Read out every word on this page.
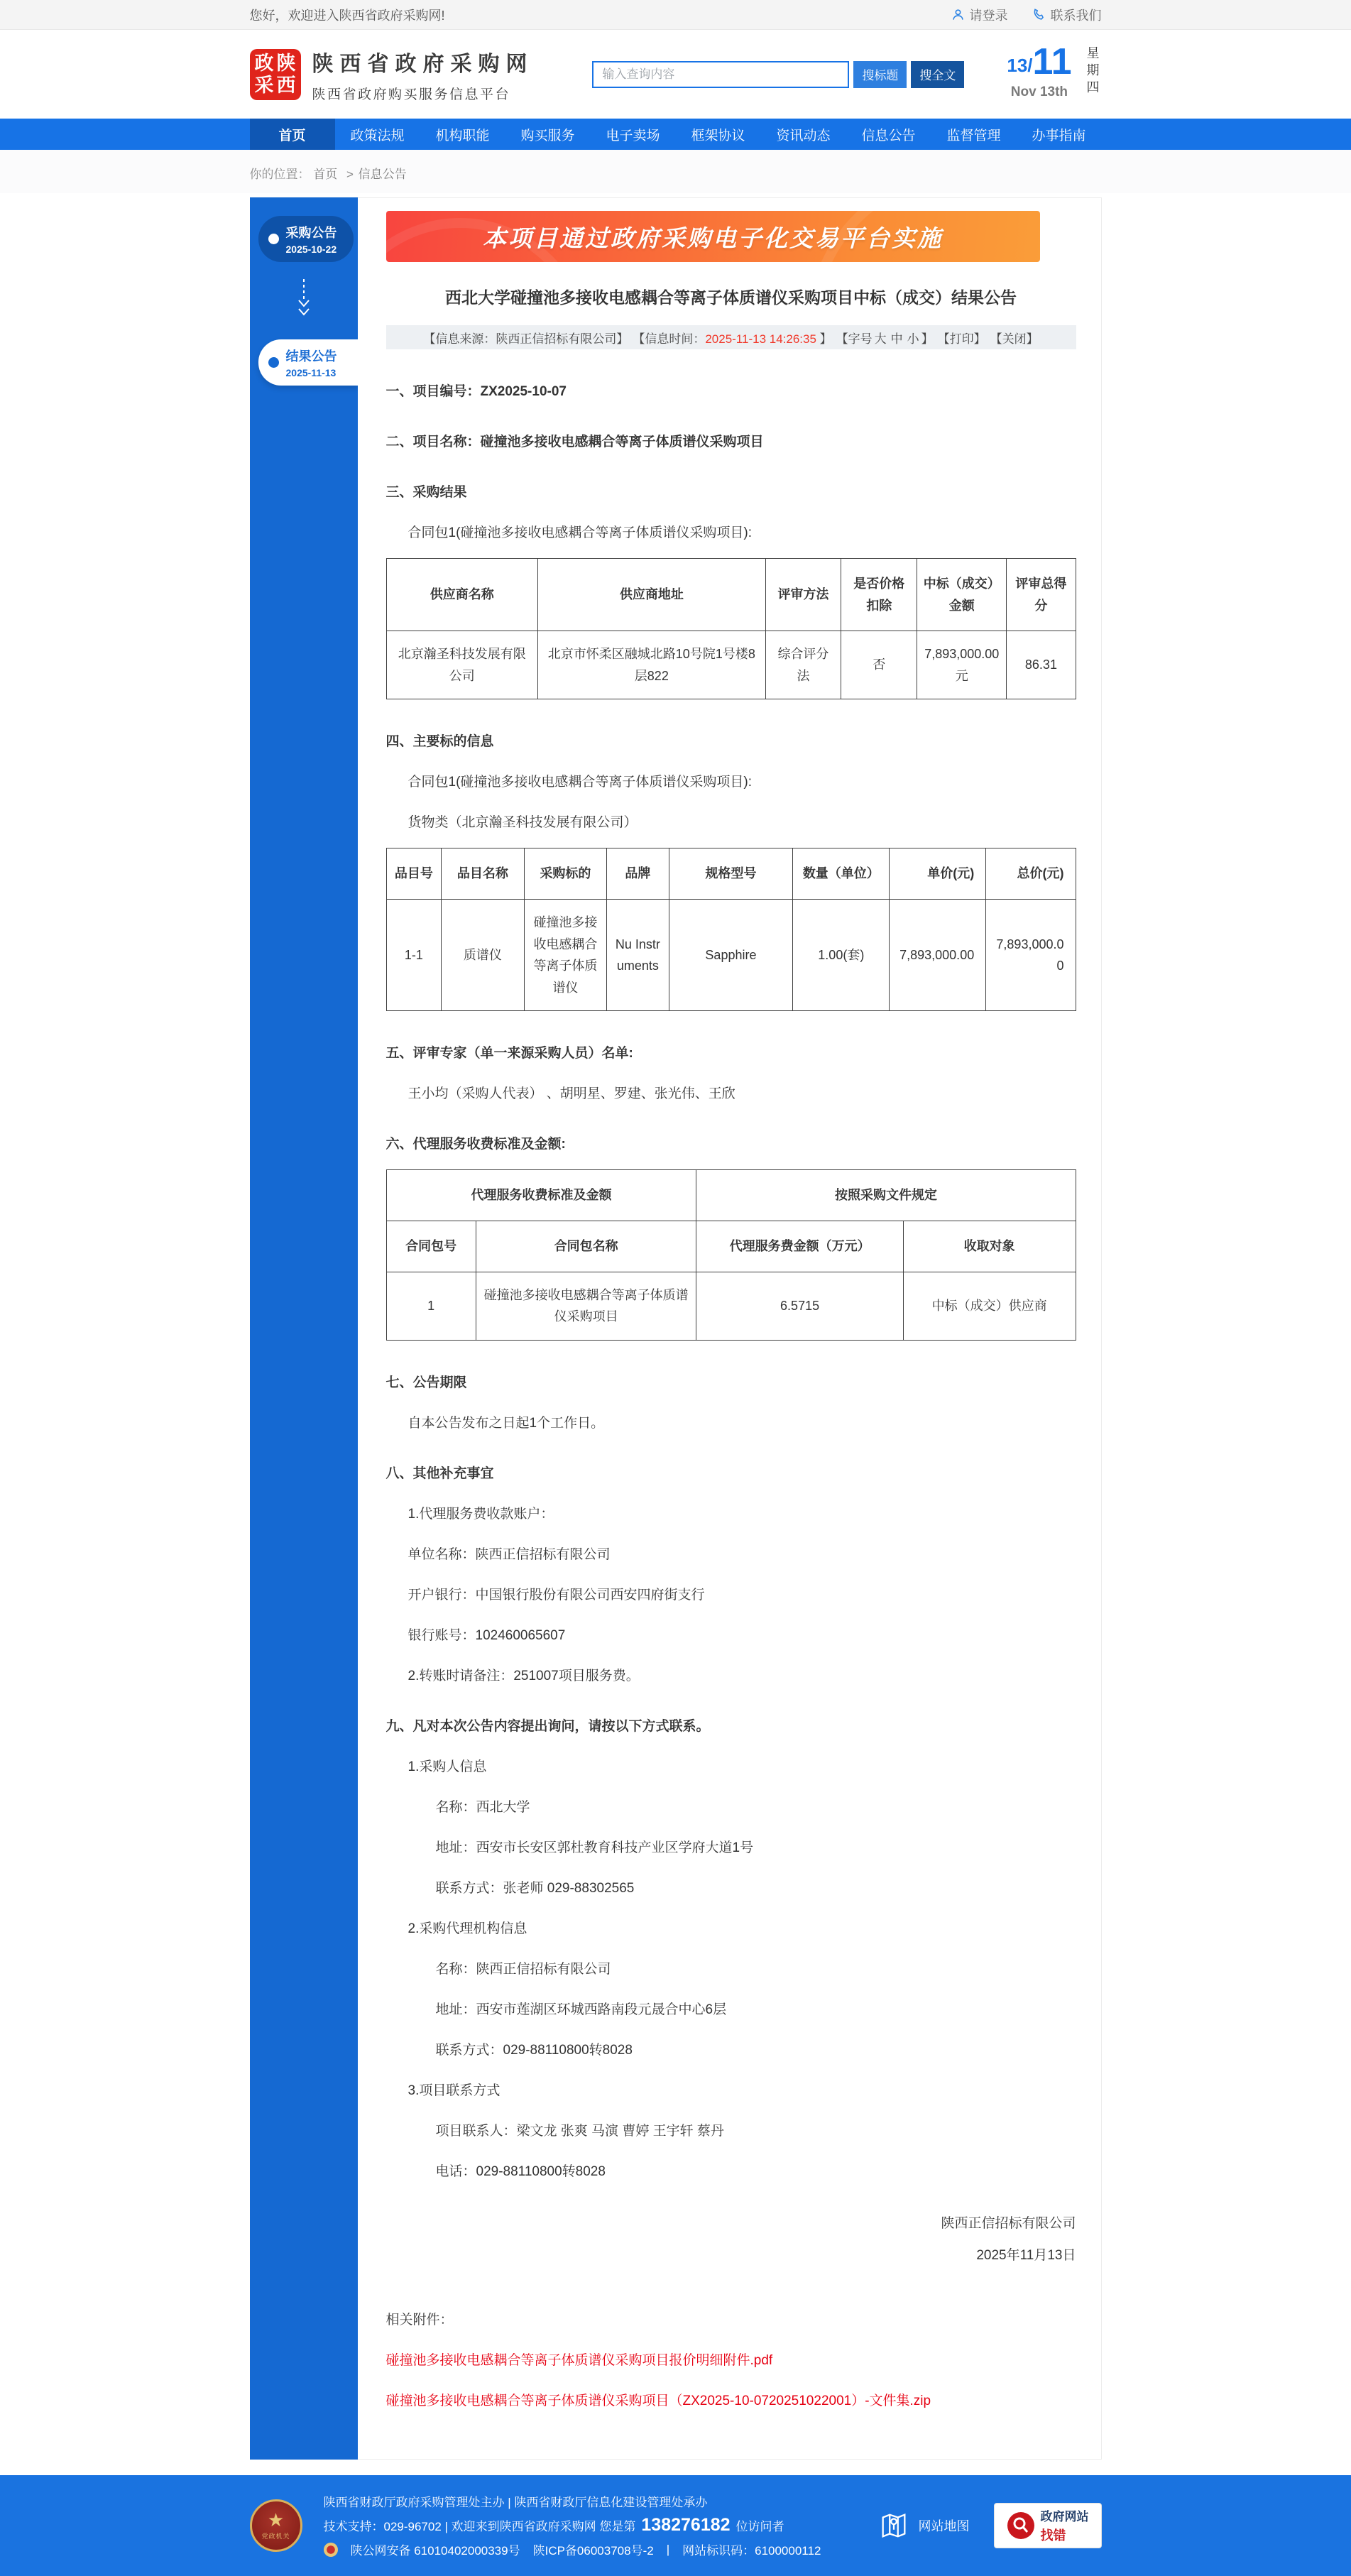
您好，欢迎进入陕西省政府采购网!	请登录	联系我们
政 陕
采 西
陕西省政府采购网
陕西省政府购买服务信息平台
输入查询内容
搜标题	搜全文	13/ 11
Nov 13th	星期四
首页	政策法规	机构职能	购买服务	电子卖场	框架协议	资讯动态	信息公告	监督管理	办事指南
你的位置： 首页 > 信息公告
采购公告
2025-10-22
结果公告
2025-11-13
本项目通过政府采购电子化交易平台实施
西北大学碰撞池多接收电感耦合等离子体质谱仪采购项目中标（成交）结果公告
【信息来源：陕西正信招标有限公司】 【信息时间：2025-11-13 14:26:35 】 【字号 大 中 小 】 【打印】 【关闭】

一、项目编号：ZX2025-10-07

二、项目名称：碰撞池多接收电感耦合等离子体质谱仪采购项目

三、采购结果

合同包1(碰撞池多接收电感耦合等离子体质谱仪采购项目):

供应商名称	供应商地址	评审方法	是否价格扣除	中标（成交）金额	评审总得分
北京瀚圣科技发展有限公司	北京市怀柔区融城北路10号院1号楼8层822	综合评分法	否	7,893,000.00元	86.31

四、主要标的信息

合同包1(碰撞池多接收电感耦合等离子体质谱仪采购项目):

货物类（北京瀚圣科技发展有限公司）

品目号	品目名称	采购标的	品牌	规格型号	数量（单位）	单价(元)	总价(元)
1-1	质谱仪	碰撞池多接收电感耦合等离子体质谱仪	Nu Instruments	Sapphire	1.00(套)	7,893,000.00	7,893,000.00

五、评审专家（单一来源采购人员）名单:

王小均（采购人代表） 、胡明星、罗建、张光伟、王欣

六、代理服务收费标准及金额:

代理服务收费标准及金额		按照采购文件规定	
合同包号	合同包名称	代理服务费金额（万元）	收取对象
1	碰撞池多接收电感耦合等离子体质谱仪采购项目	6.5715	中标（成交）供应商

七、公告期限

自本公告发布之日起1个工作日。

八、其他补充事宜

1.代理服务费收款账户：

单位名称：陕西正信招标有限公司

开户银行：中国银行股份有限公司西安四府街支行

银行账号：102460065607

2.转账时请备注：251007项目服务费。

九、凡对本次公告内容提出询问，请按以下方式联系。

1.采购人信息

名称：西北大学

地址：西安市长安区郭杜教育科技产业区学府大道1号

联系方式：张老师 029-88302565

2.采购代理机构信息

名称：陕西正信招标有限公司

地址：西安市莲湖区环城西路南段元晟合中心6层

联系方式：029-88110800转8028

3.项目联系方式

项目联系人：梁文龙 张爽 马演 曹婷 王宇轩 蔡丹

电话：029-88110800转8028

陕西正信招标有限公司
2025年11月13日
相关附件：
碰撞池多接收电感耦合等离子体质谱仪采购项目报价明细附件.pdf
碰撞池多接收电感耦合等离子体质谱仪采购项目（ZX2025-10-0720251022001）-文件集.zip
★
党政机关
陕西省财政厅政府采购管理处主办 | 陕西省财政厅信息化建设管理处承办
技术支持：029-96702 | 欢迎来到陕西省政府采购网 您是第 138276182 位访问者
陕公网安备 61010402000339号 陕ICP备06003708号-2 | 网站标识码：6100000112
网站地图
政府网站
找错
